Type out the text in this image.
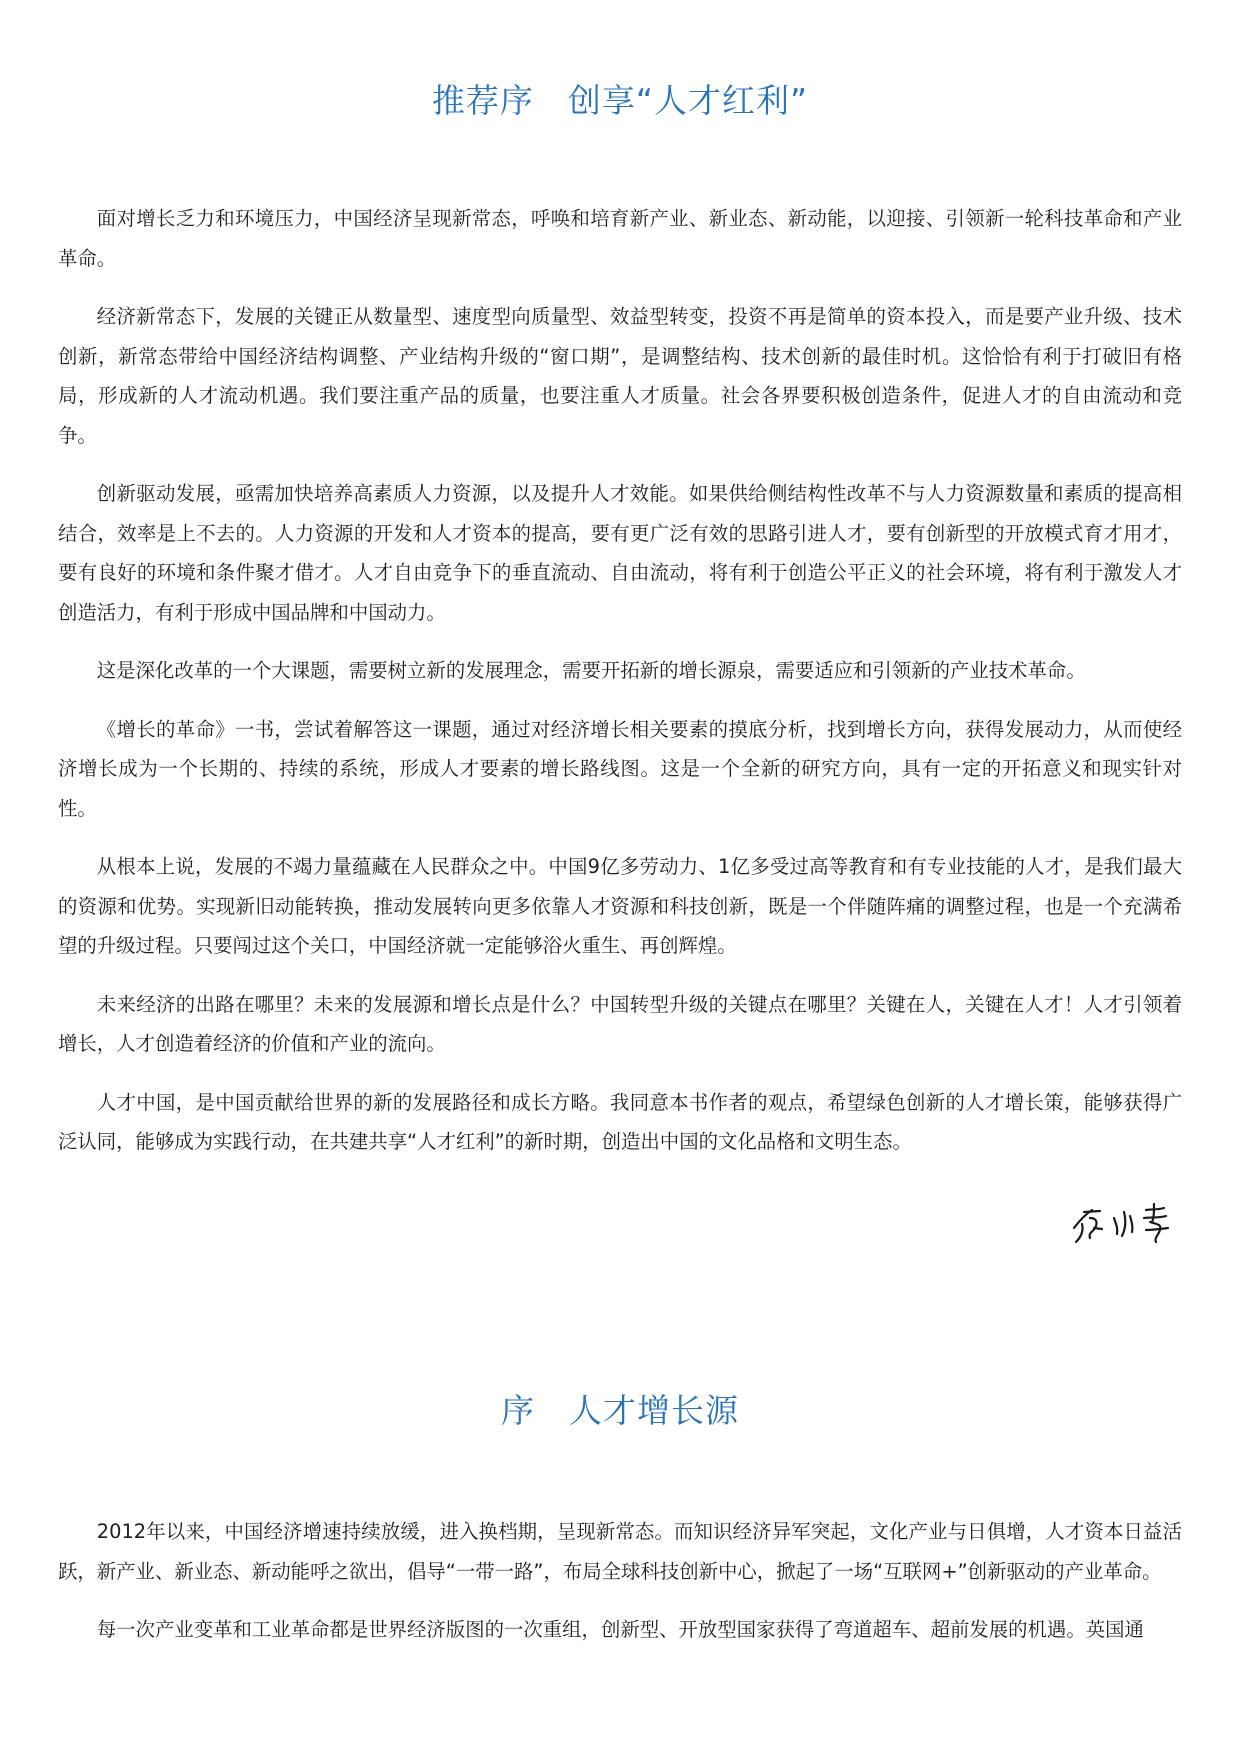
推荐序　创享“人才红利”

面对增长乏力和环境压力，中国经济呈现新常态，呼唤和培育新产业、新业态、新动能，以迎接、引领新一轮科技革命和产业革命。

经济新常态下，发展的关键正从数量型、速度型向质量型、效益型转变，投资不再是简单的资本投入，而是要产业升级、技术创新，新常态带给中国经济结构调整、产业结构升级的“窗口期”，是调整结构、技术创新的最佳时机。这恰恰有利于打破旧有格局，形成新的人才流动机遇。我们要注重产品的质量，也要注重人才质量。社会各界要积极创造条件，促进人才的自由流动和竞争。

创新驱动发展，亟需加快培养高素质人力资源，以及提升人才效能。如果供给侧结构性改革不与人力资源数量和素质的提高相结合，效率是上不去的。人力资源的开发和人才资本的提高，要有更广泛有效的思路引进人才，要有创新型的开放模式育才用才，要有良好的环境和条件聚才借才。人才自由竞争下的垂直流动、自由流动，将有利于创造公平正义的社会环境，将有利于激发人才创造活力，有利于形成中国品牌和中国动力。

这是深化改革的一个大课题，需要树立新的发展理念，需要开拓新的增长源泉，需要适应和引领新的产业技术革命。

《增长的革命》一书，尝试着解答这一课题，通过对经济增长相关要素的摸底分析，找到增长方向，获得发展动力，从而使经济增长成为一个长期的、持续的系统，形成人才要素的增长路线图。这是一个全新的研究方向，具有一定的开拓意义和现实针对性。

从根本上说，发展的不竭力量蕴藏在人民群众之中。中国9亿多劳动力、1亿多受过高等教育和有专业技能的人才，是我们最大的资源和优势。实现新旧动能转换，推动发展转向更多依靠人才资源和科技创新，既是一个伴随阵痛的调整过程，也是一个充满希望的升级过程。只要闯过这个关口，中国经济就一定能够浴火重生、再创辉煌。

未来经济的出路在哪里？未来的发展源和增长点是什么？中国转型升级的关键点在哪里？关键在人，关键在人才！人才引领着增长，人才创造着经济的价值和产业的流向。

人才中国，是中国贡献给世界的新的发展路径和成长方略。我同意本书作者的观点，希望绿色创新的人才增长策，能够获得广泛认同，能够成为实践行动，在共建共享“人才红利”的新时期，创造出中国的文化品格和文明生态。

序　人才增长源

2012年以来，中国经济增速持续放缓，进入换档期，呈现新常态。而知识经济异军突起，文化产业与日俱增，人才资本日益活跃，新产业、新业态、新动能呼之欲出，倡导“一带一路”，布局全球科技创新中心，掀起了一场“互联网+”创新驱动的产业革命。

每一次产业变革和工业革命都是世界经济版图的一次重组，创新型、开放型国家获得了弯道超车、超前发展的机遇。英国通
